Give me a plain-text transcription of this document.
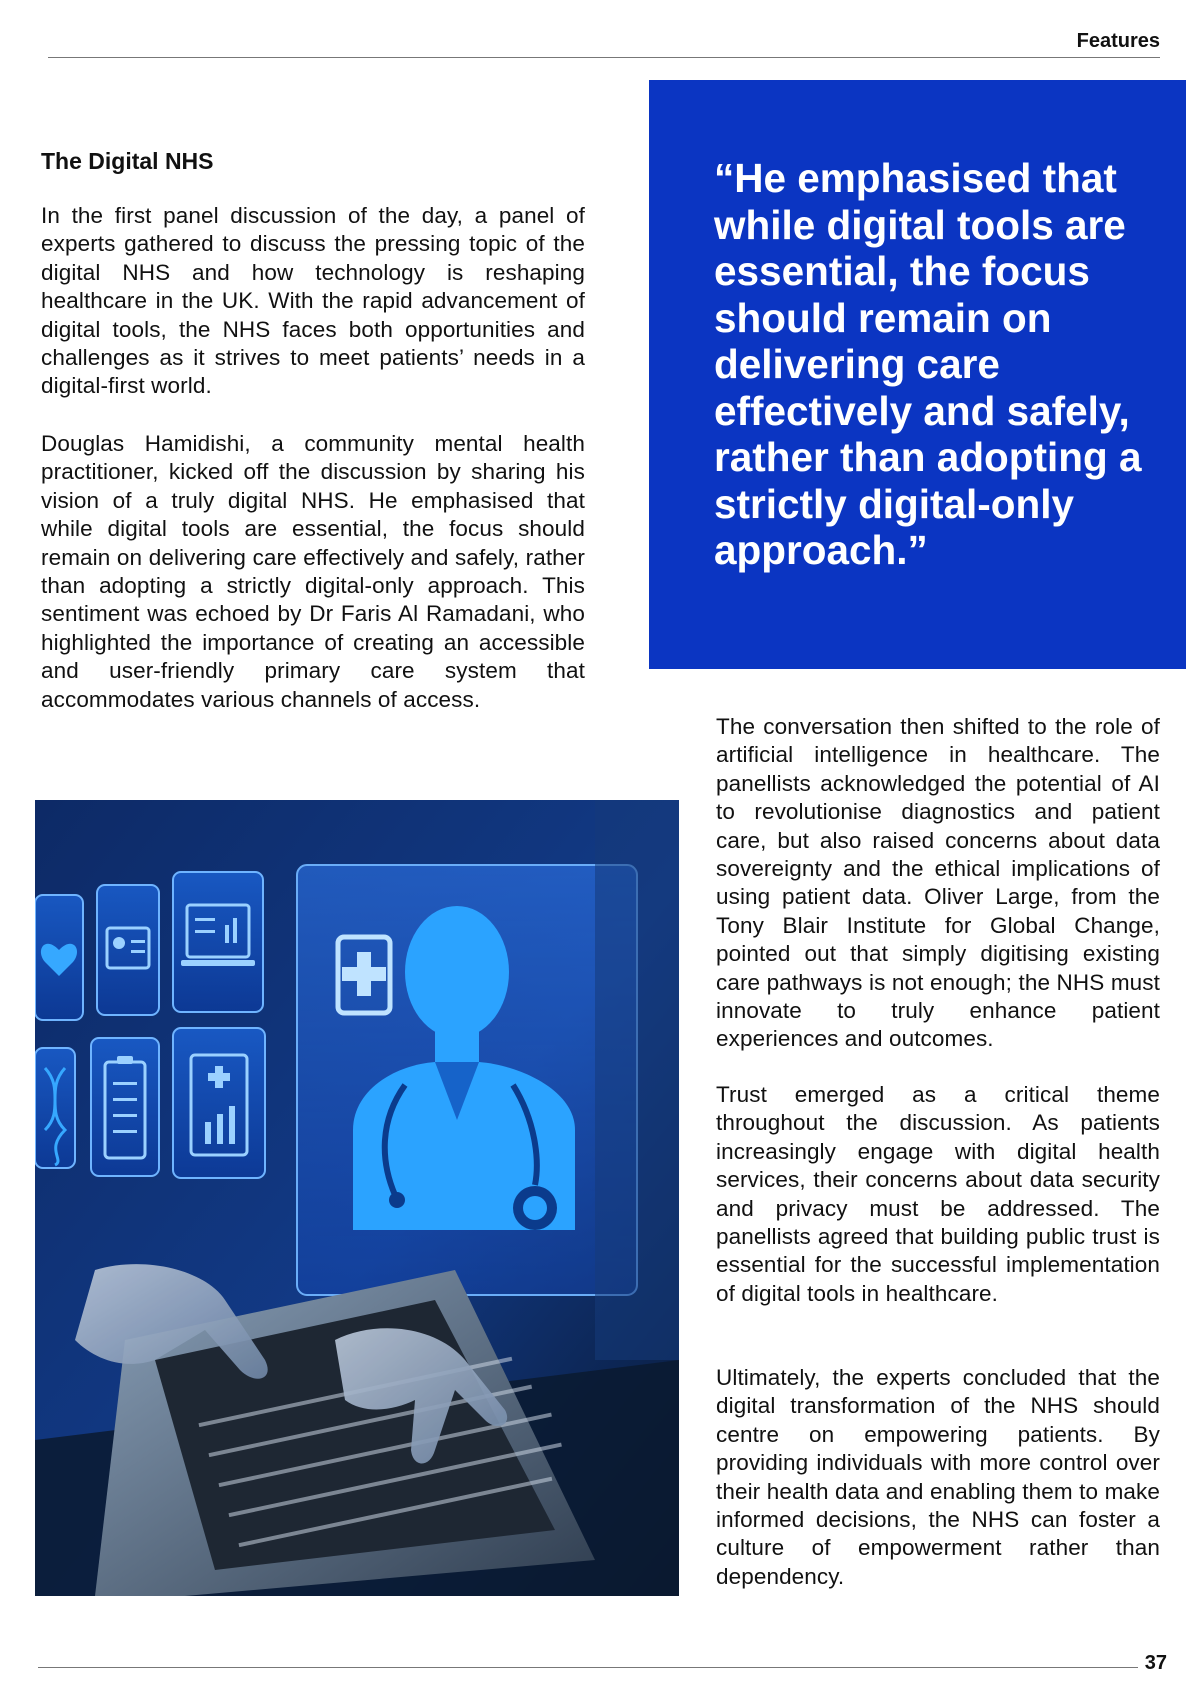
Features
The Digital NHS

In the first panel discussion of the day, a panel of experts gathered to discuss the pressing topic of the digital NHS and how technology is reshaping healthcare in the UK. With the rapid advancement of digital tools, the NHS faces both opportunities and challenges as it strives to meet patients’ needs in a digital-first world.

Douglas Hamidishi, a community mental health practitioner, kicked off the discussion by sharing his vision of a truly digital NHS. He emphasised that while digital tools are essential, the focus should remain on delivering care effectively and safely, rather than adopting a strictly digital-only approach. This sentiment was echoed by Dr Faris Al Ramadani, who highlighted the importance of creating an accessible and user-friendly primary care system that accommodates various channels of access.

“He emphasised that while digital tools are essential, the focus should remain on delivering care effectively and safely, rather than adopting a strictly digital-only approach.”

The conversation then shifted to the role of artificial intelligence in healthcare. The panellists acknowledged the potential of AI to revolutionise diagnostics and patient care, but also raised concerns about data sovereignty and the ethical implications of using patient data. Oliver Large, from the Tony Blair Institute for Global Change, pointed out that simply digitising existing care pathways is not enough; the NHS must innovate to truly enhance patient experiences and outcomes.

Trust emerged as a critical theme throughout the discussion. As patients increasingly engage with digital health services, their concerns about data security and privacy must be addressed. The panellists agreed that building public trust is essential for the successful implementation of digital tools in healthcare.

Ultimately, the experts concluded that the digital transformation of the NHS should centre on empowering patients. By providing individuals with more control over their health data and enabling them to make informed decisions, the NHS can foster a culture of empowerment rather than dependency.

37
